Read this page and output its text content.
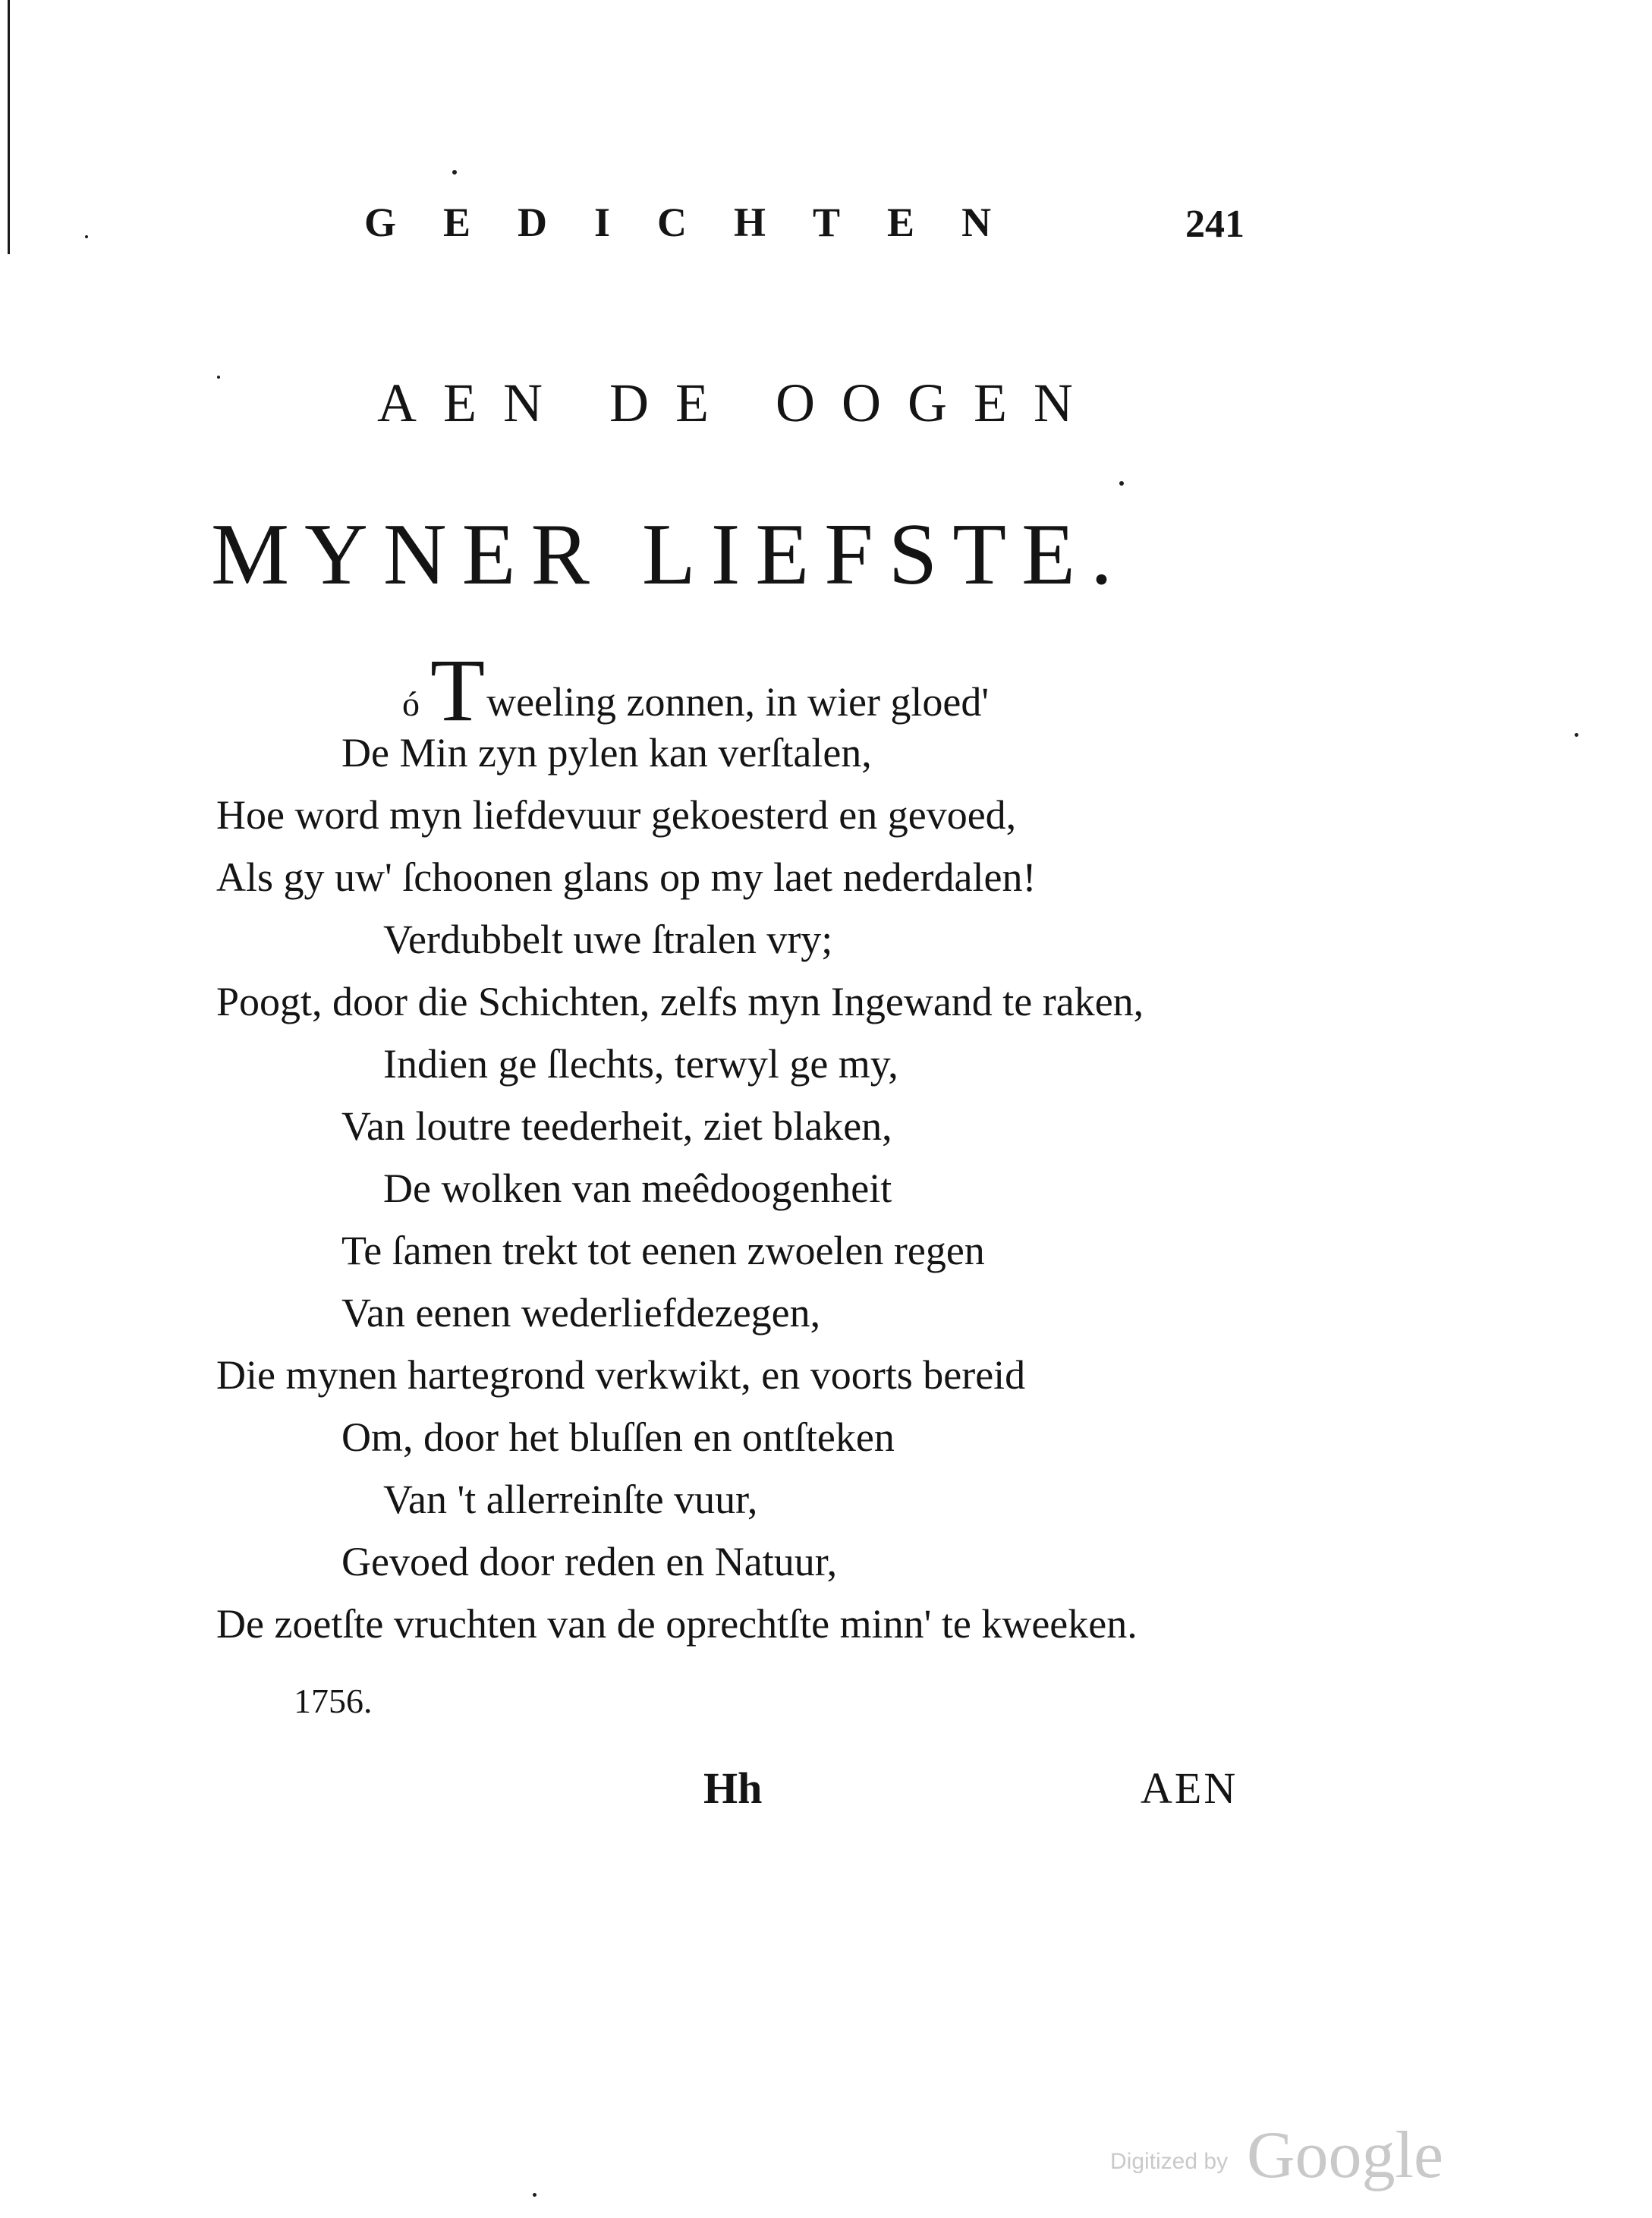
GEDICHTEN	241
AEN DE OOGEN
MYNER LIEFSTE.
ó Tweeling zonnen, in wier gloed'
De Min zyn pylen kan verſtalen,
Hoe word myn liefdevuur gekoesterd en gevoed,
Als gy uw' ſchoonen glans op my laet nederdalen!
Verdubbelt uwe ſtralen vry;
Poogt, door die Schichten, zelfs myn Ingewand te raken,
Indien ge ſlechts, terwyl ge my,
Van loutre teederheit, ziet blaken,
De wolken van meêdoogenheit
Te ſamen trekt tot eenen zwoelen regen
Van eenen wederliefdezegen,
Die mynen hartegrond verkwikt, en voorts bereid
Om, door het bluſſen en ontſteken
Van 't allerreinſte vuur,
Gevoed door reden en Natuur,
De zoetſte vruchten van de oprechtſte minn' te kweeken.
1756.
Hh	AEN
Digitized by Google
